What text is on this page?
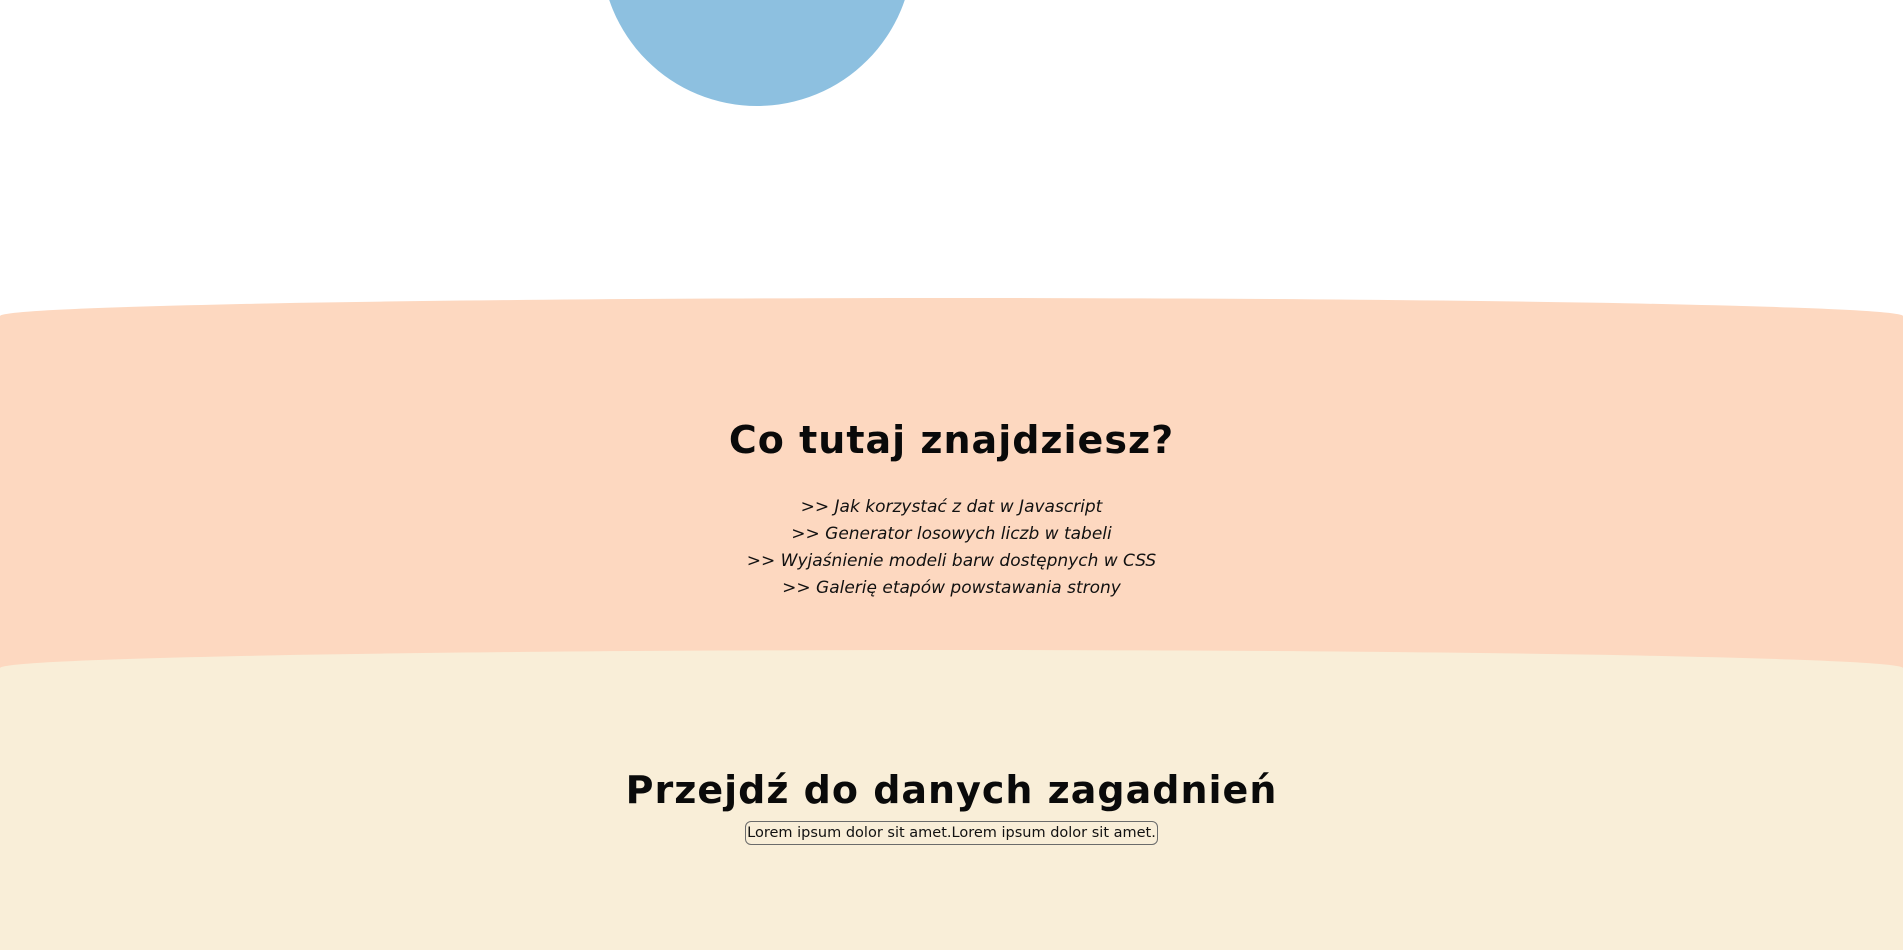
Co tutaj znajdziesz?
>> Jak korzystać z dat w Javascript
>> Generator losowych liczb w tabeli
>> Wyjaśnienie modeli barw dostępnych w CSS
>> Galerię etapów powstawania strony
Przejdź do danych zagadnień
Lorem ipsum dolor sit amet.Lorem ipsum dolor sit amet.
